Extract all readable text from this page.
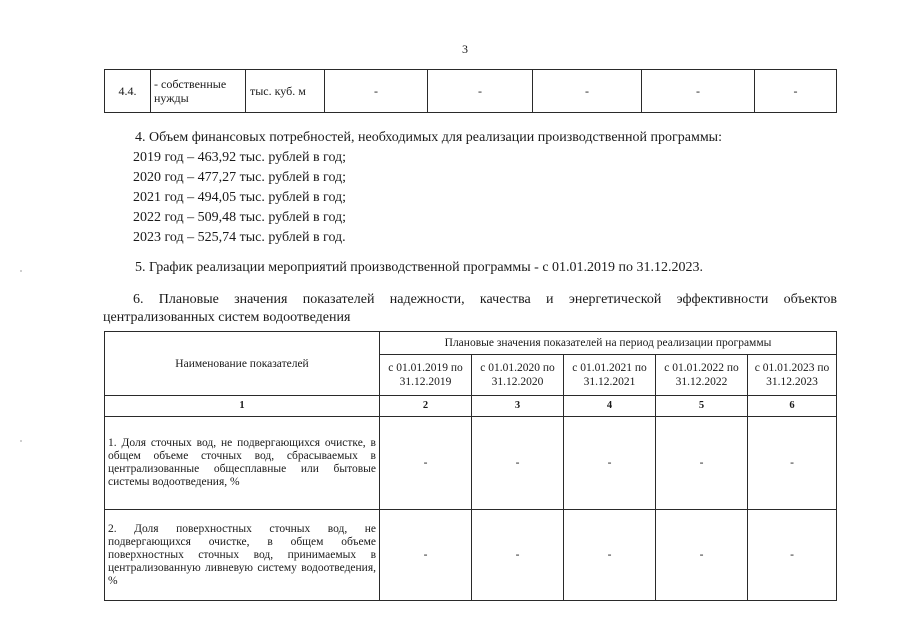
3
4.4.	- собственные нужды	тыс. куб. м	-	-	-	-	-
4. Объем финансовых потребностей, необходимых для реализации производственной программы:
2019 год – 463,92 тыс. рублей в год;
2020 год – 477,27 тыс. рублей в год;
2021 год – 494,05 тыс. рублей в год;
2022 год – 509,48 тыс. рублей в год;
2023 год – 525,74 тыс. рублей в год.
5. График реализации мероприятий производственной программы - с 01.01.2019 по 31.12.2023.
6. Плановые значения показателей надежности, качества и энергетической эффективности объектов
централизованных систем водоотведения
Наименование показателей	Плановые значения показателей на период реализации программы				
	с 01.01.2019 по 31.12.2019	с 01.01.2020 по 31.12.2020	с 01.01.2021 по 31.12.2021	с 01.01.2022 по 31.12.2022	с 01.01.2023 по 31.12.2023
1	2	3	4	5	6
1. Доля сточных вод, не подвергающихся очистке, в общем объеме сточных вод, сбрасываемых в централизованные общесплавные или бытовые системы водоотведения, %	-	-	-	-	-
2. Доля поверхностных сточных вод, не подвергающихся очистке, в общем объеме поверхностных сточных вод, принимаемых в централизованную ливневую систему водоотведения, %	-	-	-	-	-
